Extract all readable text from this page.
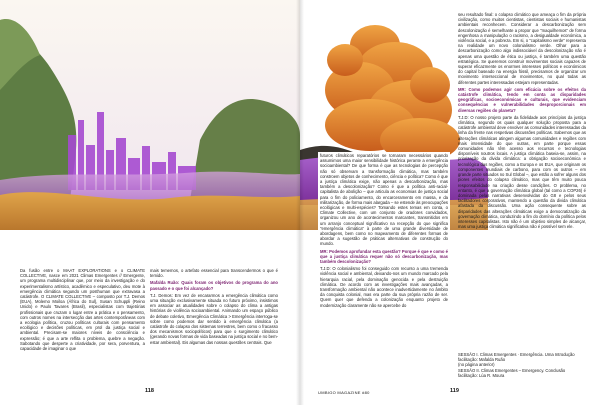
Da fusão entre o MAAT EXPLORATIONS e o CLIMATE COLLECTIVE, nasce em 2021 Climas Emergentes // Emergente, um programa multidisciplinar que, por meio da investigação e do experimentalismo artístico, acadêmico e especulativo, deu mote à emergência climática segundo um posthuman que extravasa a catástrofe. O CLIMATE COLLECTIVE – composto por T.J. Demos (EUA), Molemo Moiloa (África do Sul), Susan Schuppli (Reino Unido) e Paulo Tavares (Brasil), especialistas com trajetórias profissionais que cruzam o lugar entre a prática e o pensamento, com outros nomes na intersecção das artes contemporâneas com a ecologia política, cruzou políticas culturais com pensamento ecológico e decisões políticas, em prol da justiça social e ambiental. Precisam-se maiores níveis de consciência e expressão; é que a arte reflita o problema, quebre a negação. Sabotando que desperte a criatividade, por sera, porventura, a capacidade de imaginar o que

mais tememos, o artefato essencial para transcendermos o que é temido.

Mafalda Ruão: Quais foram os objetivos do programa do ano passado e o que foi alcançado?

T.J. Demos: Em vez de encararmos a emergência climática como uma situação exclusivamente situada no futuro próximo, insistimos em associar as atualidades sobre o colapso do clima a antigas histórias de violência socioambiental. Animando um espaço público de debate coletivo, Emergência Climática > Emergência interroga-se sobre como podemos dar sentido à emergência climática (a catástrofe do colapso dos sistemas terrestres, bem como o fracasso dos mecanismos sociopolíticos) para que o surgimento climático (gerando novas formas de vida baseadas na justiça social e no bem-estar ambiental). Eis algumas das nossas questões centrais. Que

118

futuros climáticos reparatórios se tornaram necessários quando assumimos uma maior sensibilidade histórica perante a emergência socioambiental? De que forma é que as tecnologias de percepção não só observam a transformação climática, mas também constroem objetos de conhecimento, ciência e política? Como é que a justiça climática exige, não apenas a descarbonização, mas também a descolonização? Como é que a política anti-racial-capitalista de abolição – que articula as economias de justiça social para o fim do policiamento, do encarceramento em massa, e da militarização, de forma mais alargada – se estende às preocupações ecológicas e multi-espécies? Tomando estes temas em conta, o Climate Collective, com um conjunto de oradores convidados, organizou um ano de acontecimentos marcantes, transmitidos em um arranjo conceptual significativo na recepção do que significa "emergência climática" à parte de uma grande diversidade de abordagens, bem como no mapeamento de diferentes formas de abordar a sugestão de práticas alternativas de construção do mundo.

MR: Podemos aprofundar esta questão? Porque é que e como é que a justiça climática requer não só descarbonização, mas também descolonização?

T.J.D: O colonialismo foi conseguido com recurso a uma tremenda violência social e ambiental, deixando-nos um mundo marcado pela hierarquia racial, pela dominação genocida e pela destruição climática. De acordo com as investigações mais avançadas, a transformação ambiental não acontece inadvertidamente no âmbito da conquista colonial, mas era parte da sua própria razão de ser. Quem quer que defenda a colonização enquanto projeto de modernização claramente não se apercebe do

seu resultado final: o colapso climático que ameaça o fim da própria civilização, como muitos cientistas, cientistas sociais e humanistas ambientais reconhecem. Considerar a descarbonização sem descolonização é semelhante a propor que "maquilhemos" de forma engenhosa a manipulação o racismo, a desigualdade económica, a violência social, e a pobreza. Em si, o "capitalismo verde" representa na realidade um novo colonialismo verde. Olhar para a descarbonização como algo indissociável da descolonização não é apenas uma questão de ética ou justiça, é também uma questão estratégica. Se queremos construir movimentos sociais capazes de superar eficazmente os enormes interesses políticos e económicos do capital baseado na energia fóssil, precisamos de organizar um movimento interseccional de movimentos, no qual todas as diferentes partes interessadas estejam representadas.

MR: Como podemos agir com eficácia sobre os efeitos da catástrofe climática, tendo em conta as disparidades geográficas, socioeconómicas e culturais, que evidenciam consequências e vulnerabilidades desproporcionais em diversas regiões do planeta?

T.J.D: O nosso projeto parte da fidelidade aos princípios da justiça climática, segundo os quais qualquer solução proposta para a catástrofe ambiental deve envolver as comunidades interessadas da linha da frente nas respetivas discussões políticas. Sabemos que as alterações climáticas atingem algumas comunidades e regiões com mais intensidade do que outras, em parte porque essas comunidades não têm acesso aos recursos e tecnologias disponíveis noutros locais. A justiça climática baseia-se, assim, na priorização da divida climática: a obrigação socioeconómica e tecnológica das regiões, como a Europa e os EUA, que originam os componentes mundiais de carbono, para com os outros – em grande parte situados no Sul Global –, que estão a sofrer alguns dos piores efeitos do colapso climático, mas que têm muito pouca responsabilidade na criação desse condições. O problema, no entanto, é que a governação climática global (tal como a COP26) é dominada pelas narrativas desenvolvidas do G8 e pelos seus facilitadores corporativos, mantendo a questão da divida climática afastada da discussão. Uma ação consequente sobre as disparidades das alterações climáticas exige a democratização da governação climática, conduzindo a fim do domínio da política pelos interesses capitalistas. Isto não é um objetivo simples de alcançar, mas uma justiça climática significativa não é possível sem ele.

SESSÃO I. Climas Emergentes · Emergência. Uma Introdução
facilitação: Mafalda Ruão
(no página anterior)
SESSÃO II. Climas Emergentes – Emergency. Conclusão
facilitação: Lúa R. Moura
UMBIGO MAGAZINE #80	119
